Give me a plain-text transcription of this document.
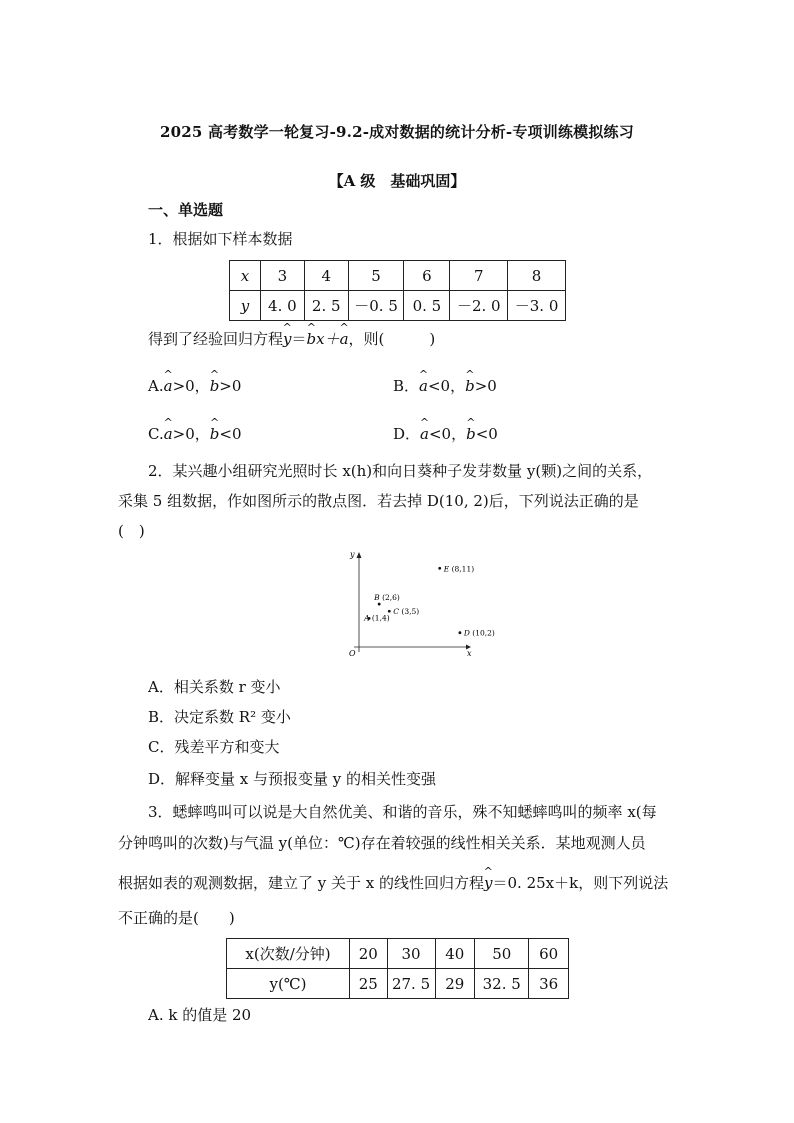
2025 高考数学一轮复习-9.2-成对数据的统计分析-专项训练模拟练习
【A 级　基础巩固】
一、单选题
1．根据如下样本数据
x	3	4	5	6	7	8
y	4. 0	2. 5	－0. 5	0. 5	－2. 0	－3. 0
得到了经验回归方程^ y＝^ bx＋^ a，则(　　　)
A.^ a>0，^ b>0	B．^ a<0，^ b>0
C.^ a>0，^ b<0	D．^ a<0，^ b<0
2．某兴趣小组研究光照时长 x(h)和向日葵种子发芽数量 y(颗)之间的关系，
采集 5 组数据，作如图所示的散点图．若去掉 D(10, 2)后，下列说法正确的是
(　)
x
y
O
A (1,4)
B (2,6)
C (3,5)
D (10,2)
E (8,11)
A．相关系数 r 变小
B．决定系数 R² 变小
C．残差平方和变大
D．解释变量 x 与预报变量 y 的相关性变强
3．蟋蟀鸣叫可以说是大自然优美、和谐的音乐，殊不知蟋蟀鸣叫的频率 x(每
分钟鸣叫的次数)与气温 y(单位：℃)存在着较强的线性相关关系．某地观测人员
根据如表的观测数据，建立了 y 关于 x 的线性回归方程^ y＝0. 25x＋k，则下列说法
不正确的是(　　)
x(次数/分钟)	20	30	40	50	60
y(℃)	25	27. 5	29	32. 5	36
A. k 的值是 20
